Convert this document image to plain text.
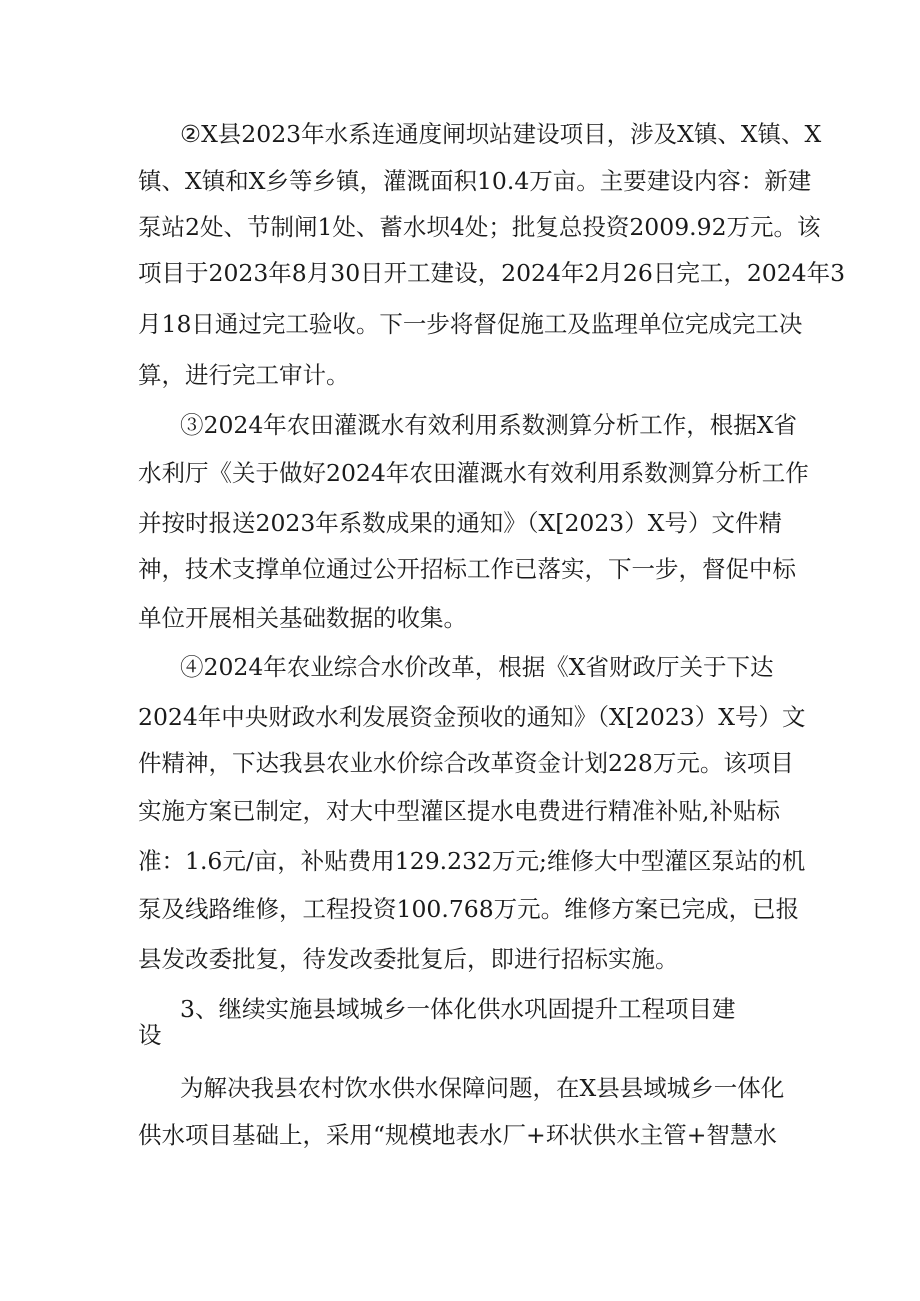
②X县2023年水系连通度闸坝站建设项目，涉及X镇、X镇、X
镇、X镇和X乡等乡镇，灌溉面积10.4万亩。主要建设内容：新建
泵站2处、节制闸1处、蓄水坝4处；批复总投资2009.92万元。该
项目于2023年8月30日开工建设，2024年2月26日完工，2024年3
月18日通过完工验收。下一步将督促施工及监理单位完成完工决
算，进行完工审计。
③2024年农田灌溉水有效利用系数测算分析工作，根据X省
水利厅《关于做好2024年农田灌溉水有效利用系数测算分析工作
并按时报送2023年系数成果的通知》（X[2023）X号）文件精
神，技术支撑单位通过公开招标工作已落实，下一步，督促中标
单位开展相关基础数据的收集。
④2024年农业综合水价改革，根据《X省财政厅关于下达
2024年中央财政水利发展资金预收的通知》（X[2023）X号）文
件精神，下达我县农业水价综合改革资金计划228万元。该项目
实施方案已制定，对大中型灌区提水电费进行精准补贴,补贴标
准：1.6元/亩，补贴费用129.232万元;维修大中型灌区泵站的机
泵及线路维修，工程投资100.768万元。维修方案已完成，已报
县发改委批复，待发改委批复后，即进行招标实施。
3、继续实施县域城乡一体化供水巩固提升工程项目建
设
为解决我县农村饮水供水保障问题，在X县县域城乡一体化
供水项目基础上，采用“规模地表水厂+环状供水主管+智慧水
